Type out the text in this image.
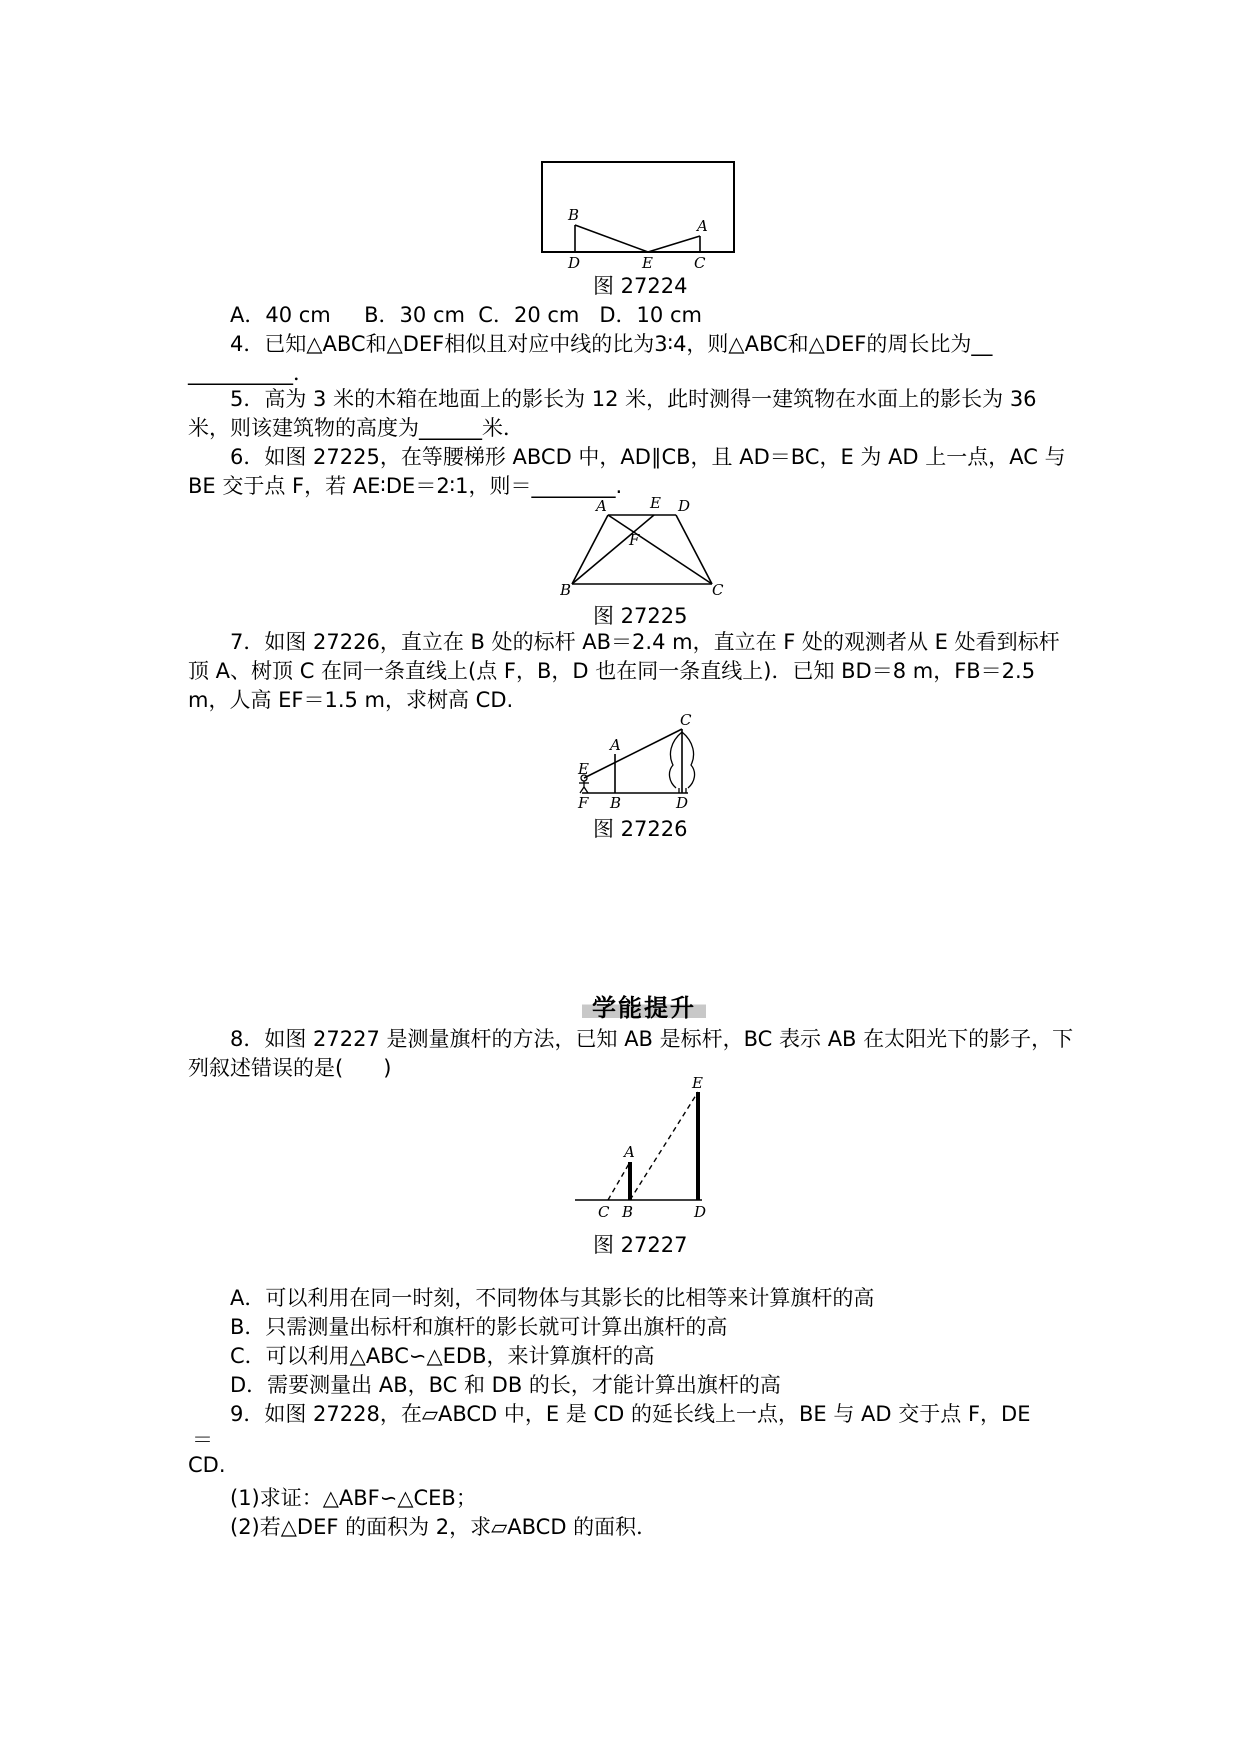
B
A
D	E	C
图 27224
A．40 cm     B．30 cm  C．20 cm   D．10 cm
4．已知△ABC和△DEF相似且对应中线的比为3∶4，则△ABC和△DEF的周长比为__
__________．
5．高为 3 米的木箱在地面上的影长为 12 米，此时测得一建筑物在水面上的影长为 36 米，则该建筑物的高度为______米．
6．如图 27225，在等腰梯形 ABCD 中，AD∥CB，且 AD＝BC，E 为 AD 上一点，AC 与 BE 交于点 F，若 AE∶DE＝2∶1，则＝________.
A	E D
F
B	C
图 27225
7．如图 27226，直立在 B 处的标杆 AB＝2.4 m，直立在 F 处的观测者从 E 处看到标杆顶 A、树顶 C 在同一条直线上(点 F，B，D 也在同一条直线上)．已知 BD＝8 m，FB＝2.5 m，人高 EF＝1.5 m，求树高 CD.
C
A
E
F B	D
图 27226
学能提升
8．如图 27227 是测量旗杆的方法，已知 AB 是标杆，BC 表示 AB 在太阳光下的影子，下列叙述错误的是(      )
E
A
C B	D
图 27227
A．可以利用在同一时刻，不同物体与其影长的比相等来计算旗杆的高
B．只需测量出标杆和旗杆的影长就可计算出旗杆的高
C．可以利用△ABC∽△EDB，来计算旗杆的高
D．需要测量出 AB，BC 和 DB 的长，才能计算出旗杆的高
9．如图 27228，在▱ABCD 中，E 是 CD 的延长线上一点，BE 与 AD 交于点 F，DE
＝
CD.
(1)求证：△ABF∽△CEB；
(2)若△DEF 的面积为 2，求▱ABCD 的面积．
